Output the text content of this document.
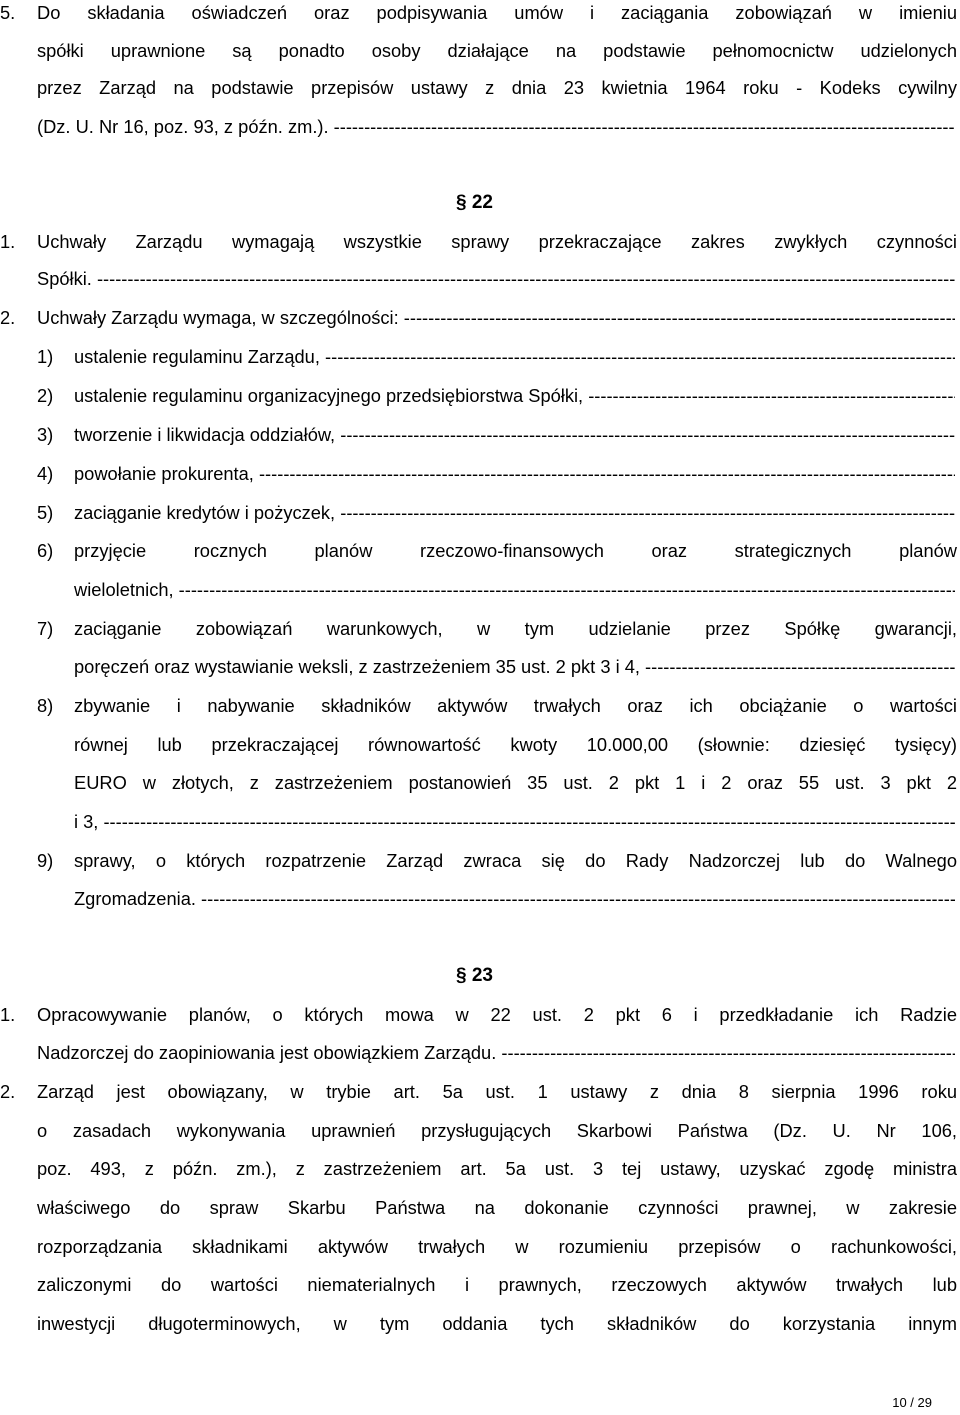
5. Do składania oświadczeń oraz podpisywania umów i zaciągania zobowiązań w imieniu
spółki uprawnione są ponadto osoby działające na podstawie pełnomocnictw udzielonych
przez Zarząd na podstawie przepisów ustawy z dnia 23 kwietnia 1964 roku - Kodeks cywilny
(Dz. U. Nr 16, poz. 93, z późn. zm.). -----
§ 22
1. Uchwały Zarządu wymagają wszystkie sprawy przekraczające zakres zwykłych czynności
Spółki. -----
2. Uchwały Zarządu wymaga, w szczególności: -----
1) ustalenie regulaminu Zarządu, -----
2) ustalenie regulaminu organizacyjnego przedsiębiorstwa Spółki, -----
3) tworzenie i likwidacja oddziałów, -----
4) powołanie prokurenta, -----
5) zaciąganie kredytów i pożyczek, -----
6) przyjęcie rocznych planów rzeczowo-finansowych oraz strategicznych planów
wieloletnich, -----
7) zaciąganie zobowiązań warunkowych, w tym udzielanie przez Spółkę gwarancji,
poręczeń oraz wystawianie weksli, z zastrzeżeniem 35 ust. 2 pkt 3 i 4, -----
8) zbywanie i nabywanie składników aktywów trwałych oraz ich obciążanie o wartości
równej lub przekraczającej równowartość kwoty 10.000,00 (słownie: dziesięć tysięcy)
EURO w złotych, z zastrzeżeniem postanowień 35 ust. 2 pkt 1 i 2 oraz 55 ust. 3 pkt 2
i 3, -----
9) sprawy, o których rozpatrzenie Zarząd zwraca się do Rady Nadzorczej lub do Walnego
Zgromadzenia. -----
§ 23
1. Opracowywanie planów, o których mowa w 22 ust. 2 pkt 6 i przedkładanie ich Radzie
Nadzorczej do zaopiniowania jest obowiązkiem Zarządu. -----
2. Zarząd jest obowiązany, w trybie art. 5a ust. 1 ustawy z dnia 8 sierpnia 1996 roku
o zasadach wykonywania uprawnień przysługujących Skarbowi Państwa (Dz. U. Nr 106,
poz. 493, z późn. zm.), z zastrzeżeniem art. 5a ust. 3 tej ustawy, uzyskać zgodę ministra
właściwego do spraw Skarbu Państwa na dokonanie czynności prawnej, w zakresie
rozporządzania składnikami aktywów trwałych w rozumieniu przepisów o rachunkowości,
zaliczonymi do wartości niematerialnych i prawnych, rzeczowych aktywów trwałych lub
inwestycji długoterminowych, w tym oddania tych składników do korzystania innym
10 / 29
